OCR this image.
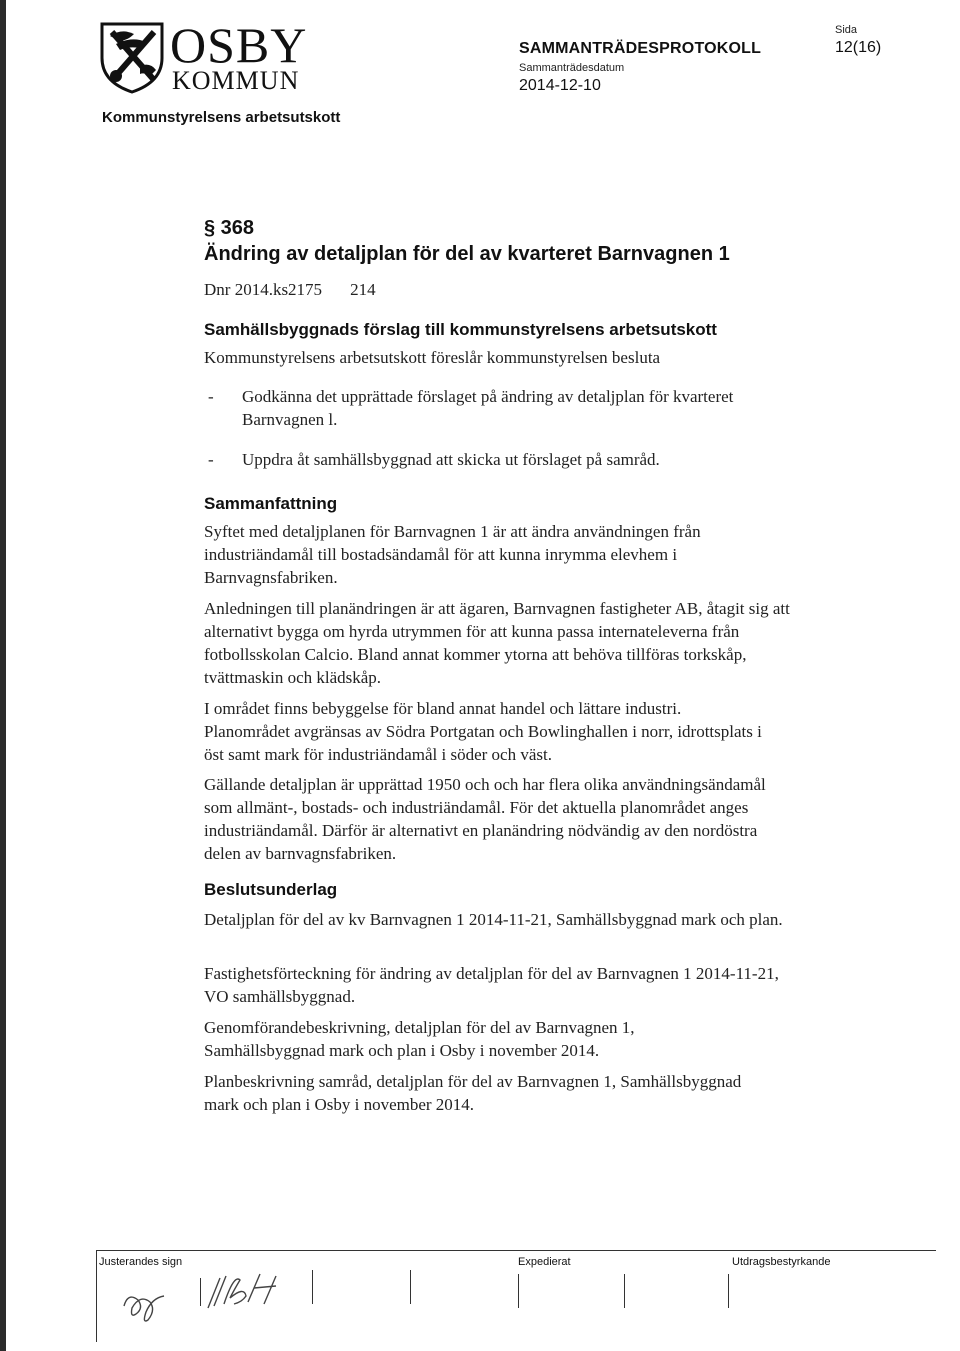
OSBY
KOMMUN
Kommunstyrelsens arbetsutskott
SAMMANTRÄDESPROTOKOLL
Sammanträdesdatum
2014-12-10
Sida
12(16)
§ 368
Ändring av detaljplan för del av kvarteret Barnvagnen 1
Dnr 2014.ks2175 214
Samhällsbyggnads förslag till kommunstyrelsens arbetsutskott
Kommunstyrelsens arbetsutskott föreslår kommunstyrelsen besluta
- Godkänna det upprättade förslaget på ändring av detaljplan för kvarteret Barnvagnen l.
- Uppdra åt samhällsbyggnad att skicka ut förslaget på samråd.
Sammanfattning
Syftet med detaljplanen för Barnvagnen 1 är att ändra användningen från industriändamål till bostadsändamål för att kunna inrymma elevhem i Barnvagnsfabriken.
Anledningen till planändringen är att ägaren, Barnvagnen fastigheter AB, åtagit sig att alternativt bygga om hyrda utrymmen för att kunna passa internateleverna från fotbollsskolan Calcio. Bland annat kommer ytorna att behöva tillföras torkskåp, tvättmaskin och klädskåp.
I området finns bebyggelse för bland annat handel och lättare industri. Planområdet avgränsas av Södra Portgatan och Bowlinghallen i norr, idrottsplats i öst samt mark för industriändamål i söder och väst.
Gällande detaljplan är upprättad 1950 och och har flera olika användningsändamål som allmänt-, bostads- och industriändamål. För det aktuella planområdet anges industriändamål. Därför är alternativt en planändring nödvändig av den nordöstra delen av barnvagnsfabriken.
Beslutsunderlag
Detaljplan för del av kv Barnvagnen 1 2014-11-21, Samhällsbyggnad mark och plan.
Fastighetsförteckning för ändring av detaljplan för del av Barnvagnen 1 2014-11-21, VO samhällsbyggnad.
Genomförandebeskrivning, detaljplan för del av Barnvagnen 1, Samhällsbyggnad mark och plan i Osby i november 2014.
Planbeskrivning samråd, detaljplan för del av Barnvagnen 1, Samhällsbyggnad mark och plan i Osby i november 2014.
Justerandes sign	Expedierat	Utdragsbestyrkande
